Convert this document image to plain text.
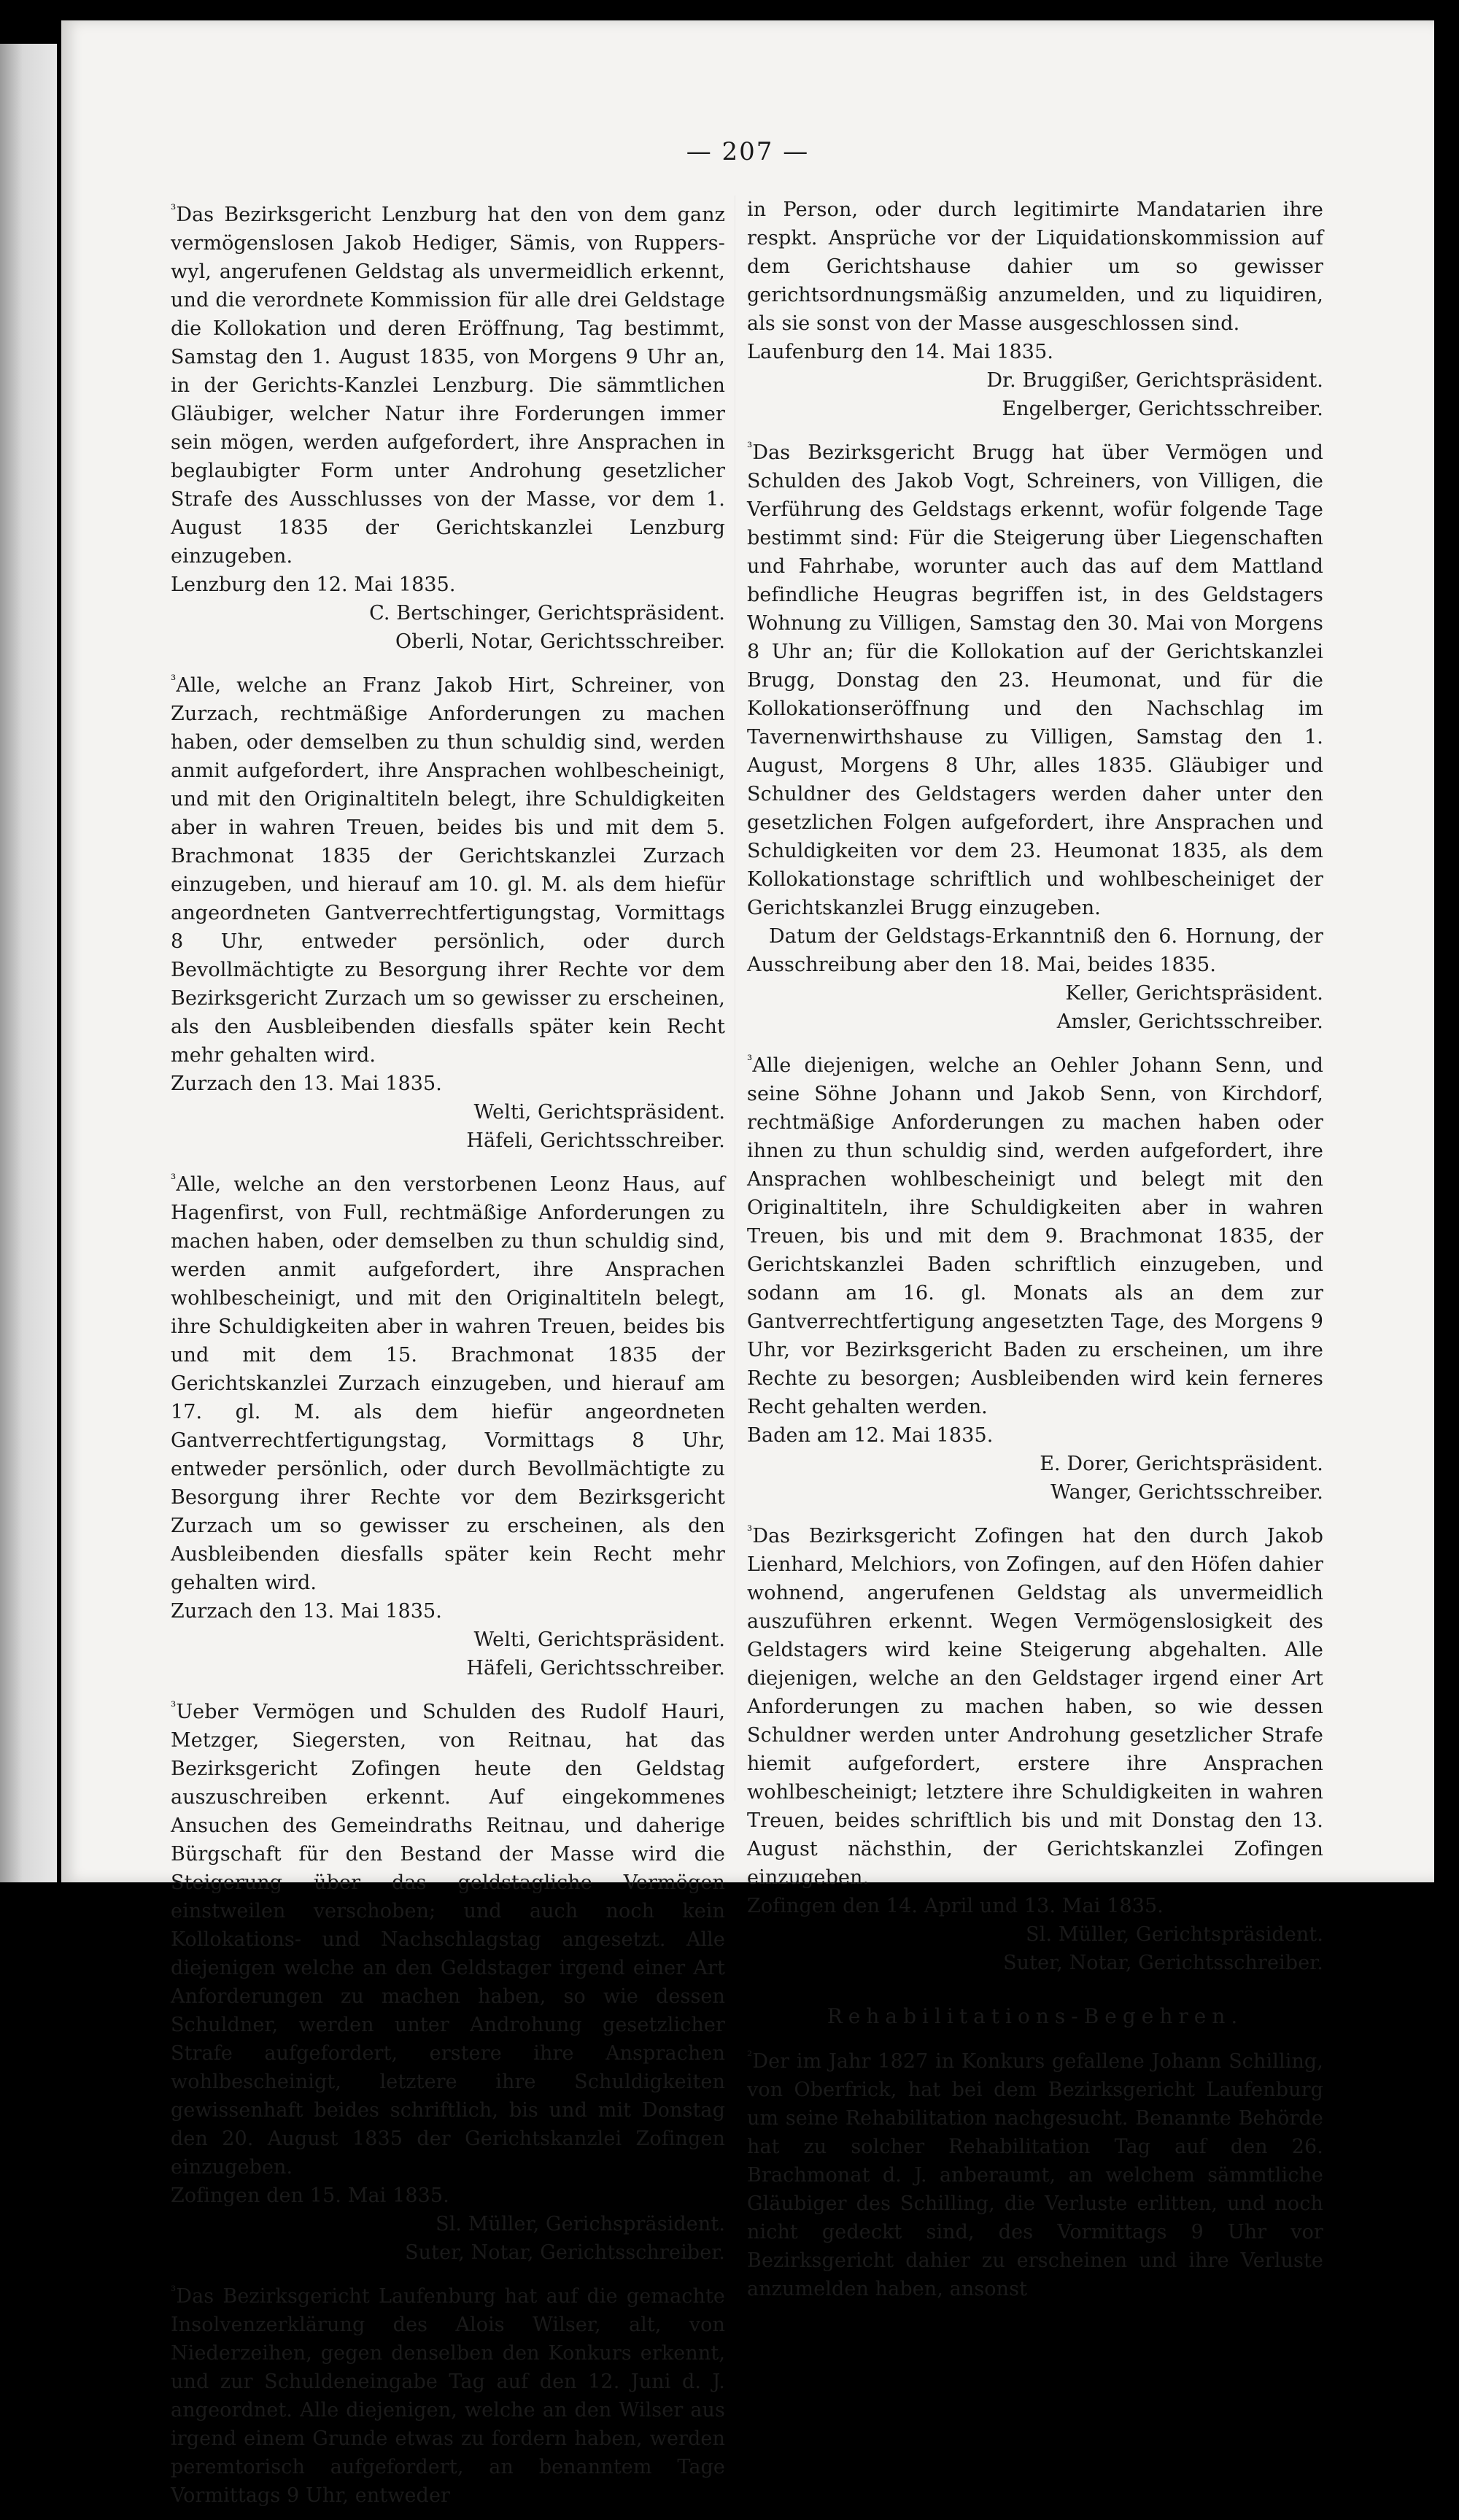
— 207 —

$^{^3}$Das Bezirksgericht Lenzburg hat den von dem ganz vermögenslosen Jakob Hediger, Sämis, von Ruppers-wyl, angerufenen Geldstag als unvermeidlich erkennt, und die verordnete Kommission für alle drei Geldstage die Kollokation und deren Eröffnung, Tag bestimmt, Samstag den 1. August 1835, von Morgens 9 Uhr an, in der Gerichts-Kanzlei Lenzburg. Die sämmtlichen Gläubiger, welcher Natur ihre Forderungen immer sein mögen, werden aufgefordert, ihre Ansprachen in beglaubigter Form unter Androhung gesetzlicher Strafe des Ausschlusses von der Masse, vor dem 1. August 1835 der Gerichtskanzlei Lenzburg einzugeben.

Lenzburg den 12. Mai 1835.

C. Bertschinger, Gerichtspräsident.

Oberli, Notar, Gerichtsschreiber.

$^{^3}$Alle, welche an Franz Jakob Hirt, Schreiner, von Zurzach, rechtmäßige Anforderungen zu machen haben, oder demselben zu thun schuldig sind, werden anmit aufgefordert, ihre Ansprachen wohlbescheinigt, und mit den Originaltiteln belegt, ihre Schuldigkeiten aber in wahren Treuen, beides bis und mit dem 5. Brachmonat 1835 der Gerichtskanzlei Zurzach einzugeben, und hierauf am 10. gl. M. als dem hiefür angeordneten Gantverrechtfertigungstag, Vormittags 8 Uhr, entweder persönlich, oder durch Bevollmächtigte zu Besorgung ihrer Rechte vor dem Bezirksgericht Zurzach um so gewisser zu erscheinen, als den Ausbleibenden diesfalls später kein Recht mehr gehalten wird.

Zurzach den 13. Mai 1835.

Welti, Gerichtspräsident.

Häfeli, Gerichtsschreiber.

$^{^3}$Alle, welche an den verstorbenen Leonz Haus, auf Hagenfirst, von Full, rechtmäßige Anforderungen zu machen haben, oder demselben zu thun schuldig sind, werden anmit aufgefordert, ihre Ansprachen wohlbescheinigt, und mit den Originaltiteln belegt, ihre Schuldigkeiten aber in wahren Treuen, beides bis und mit dem 15. Brachmonat 1835 der Gerichtskanzlei Zurzach einzugeben, und hierauf am 17. gl. M. als dem hiefür angeordneten Gantverrechtfertigungstag, Vormittags 8 Uhr, entweder persönlich, oder durch Bevollmächtigte zu Besorgung ihrer Rechte vor dem Bezirksgericht Zurzach um so gewisser zu erscheinen, als den Ausbleibenden diesfalls später kein Recht mehr gehalten wird.

Zurzach den 13. Mai 1835.

Welti, Gerichtspräsident.

Häfeli, Gerichtsschreiber.

$^{^3}$Ueber Vermögen und Schulden des Rudolf Hauri, Metzger, Siegersten, von Reitnau, hat das Bezirksgericht Zofingen heute den Geldstag auszuschreiben erkennt. Auf eingekommenes Ansuchen des Gemeindraths Reitnau, und daherige Bürgschaft für den Bestand der Masse wird die Steigerung über das geldstagliche Vermögen einstweilen verschoben; und auch noch kein Kollokations- und Nachschlagstag angesetzt. Alle diejenigen welche an den Geldstager irgend einer Art Anforderungen zu machen haben, so wie dessen Schuldner, werden unter Androhung gesetzlicher Strafe aufgefordert, erstere ihre Ansprachen wohlbescheinigt, letztere ihre Schuldigkeiten gewissenhaft beides schriftlich, bis und mit Donstag den 20. August 1835 der Gerichtskanzlei Zofingen einzugeben.

Zofingen den 15. Mai 1835.

Sl. Müller, Gerichspräsident.

Suter, Notar, Gerichtsschreiber.

$^{^3}$Das Bezirksgericht Laufenburg hat auf die gemachte Insolvenzerklärung des Alois Wilser, alt, von Niederzeihen, gegen denselben den Konkurs erkennt, und zur Schuldeneingabe Tag auf den 12. Juni d. J. angeordnet. Alle diejenigen, welche an den Wilser aus irgend einem Grunde etwas zu fordern haben, werden peremtorisch aufgefordert, an benanntem Tage Vormittags 9 Uhr, entweder

in Person, oder durch legitimirte Mandatarien ihre respkt. Ansprüche vor der Liquidationskommission auf dem Gerichtshause dahier um so gewisser gerichtsordnungsmäßig anzumelden, und zu liquidiren, als sie sonst von der Masse ausgeschlossen sind.

Laufenburg den 14. Mai 1835.

Dr. Bruggißer, Gerichtspräsident.

Engelberger, Gerichtsschreiber.

$^{^3}$Das Bezirksgericht Brugg hat über Vermögen und Schulden des Jakob Vogt, Schreiners, von Villigen, die Verführung des Geldstags erkennt, wofür folgende Tage bestimmt sind: Für die Steigerung über Liegenschaften und Fahrhabe, worunter auch das auf dem Mattland befindliche Heugras begriffen ist, in des Geldstagers Wohnung zu Villigen, Samstag den 30. Mai von Morgens 8 Uhr an; für die Kollokation auf der Gerichtskanzlei Brugg, Donstag den 23. Heumonat, und für die Kollokationseröffnung und den Nachschlag im Tavernenwirthshause zu Villigen, Samstag den 1. August, Morgens 8 Uhr, alles 1835. Gläubiger und Schuldner des Geldstagers werden daher unter den gesetzlichen Folgen aufgefordert, ihre Ansprachen und Schuldigkeiten vor dem 23. Heumonat 1835, als dem Kollokationstage schriftlich und wohlbescheiniget der Gerichtskanzlei Brugg einzugeben.

Datum der Geldstags-Erkanntniß den 6. Hornung, der Ausschreibung aber den 18. Mai, beides 1835.

Keller, Gerichtspräsident.

Amsler, Gerichtsschreiber.

$^{^3}$Alle diejenigen, welche an Oehler Johann Senn, und seine Söhne Johann und Jakob Senn, von Kirchdorf, rechtmäßige Anforderungen zu machen haben oder ihnen zu thun schuldig sind, werden aufgefordert, ihre Ansprachen wohlbescheinigt und belegt mit den Originaltiteln, ihre Schuldigkeiten aber in wahren Treuen, bis und mit dem 9. Brachmonat 1835, der Gerichtskanzlei Baden schriftlich einzugeben, und sodann am 16. gl. Monats als an dem zur Gantverrechtfertigung angesetzten Tage, des Morgens 9 Uhr, vor Bezirksgericht Baden zu erscheinen, um ihre Rechte zu besorgen; Ausbleibenden wird kein ferneres Recht gehalten werden.

Baden am 12. Mai 1835.

E. Dorer, Gerichtspräsident.

Wanger, Gerichtsschreiber.

$^{^3}$Das Bezirksgericht Zofingen hat den durch Jakob Lienhard, Melchiors, von Zofingen, auf den Höfen dahier wohnend, angerufenen Geldstag als unvermeidlich auszuführen erkennt. Wegen Vermögenslosigkeit des Geldstagers wird keine Steigerung abgehalten. Alle diejenigen, welche an den Geldstager irgend einer Art Anforderungen zu machen haben, so wie dessen Schuldner werden unter Androhung gesetzlicher Strafe hiemit aufgefordert, erstere ihre Ansprachen wohlbescheinigt; letztere ihre Schuldigkeiten in wahren Treuen, beides schriftlich bis und mit Donstag den 13. August nächsthin, der Gerichtskanzlei Zofingen einzugeben.

Zofingen den 14. April und 13. Mai 1835.

Sl. Müller, Gerichtspräsident.

Suter, Notar, Gerichtsschreiber.

Rehabilitations-Begehren.

$^{^2}$Der im Jahr 1827 in Konkurs gefallene Johann Schilling, von Oberfrick, hat bei dem Bezirksgericht Laufenburg um seine Rehabilitation nachgesucht. Benannte Behörde hat zu solcher Rehabilitation Tag auf den 26. Brachmonat d. J. anberaumt, an welchem sämmtliche Gläubiger des Schilling, die Verluste erlitten, und noch nicht gedeckt sind, des Vormittags 9 Uhr vor Bezirksgericht dahier zu erscheinen und ihre Verluste anzumelden haben, ansonst
